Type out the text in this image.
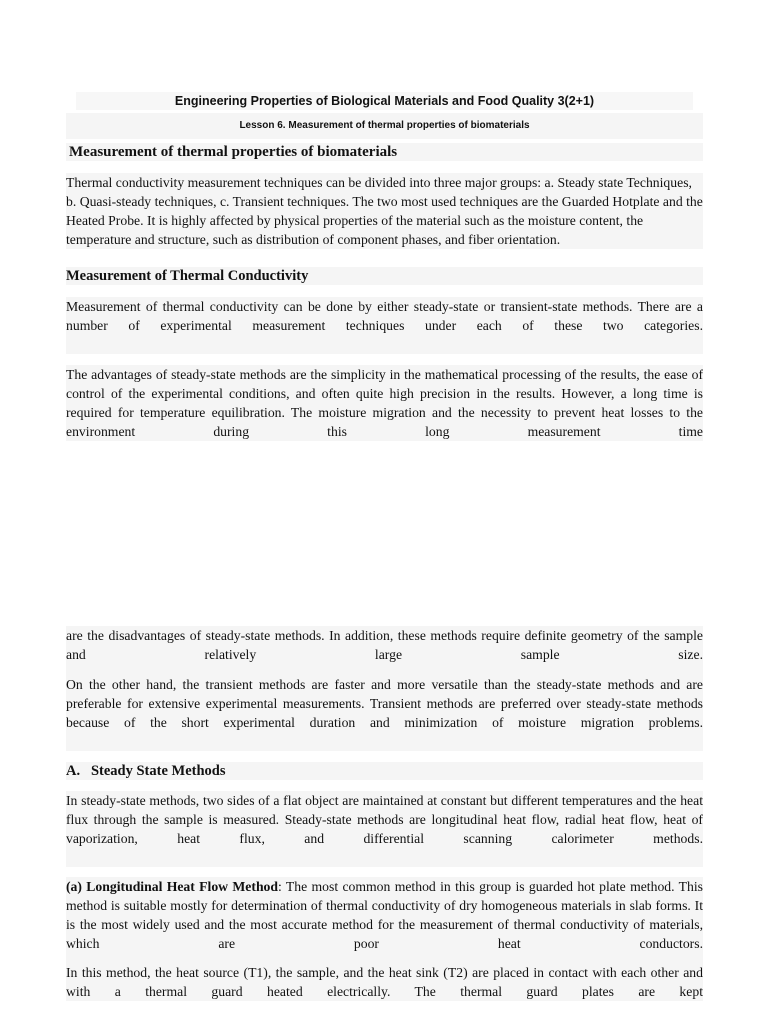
Engineering Properties of Biological Materials and Food Quality 3(2+1)
Lesson 6. Measurement of thermal properties of biomaterials
Measurement of thermal properties of biomaterials

Thermal conductivity measurement techniques can be divided into three major groups: a. Steady state Techniques, b. Quasi-steady techniques, c. Transient techniques. The two most used techniques are the Guarded Hotplate and the Heated Probe. It is highly affected by physical properties of the material such as the moisture content, the temperature and structure, such as distribution of component phases, and fiber orientation.

Measurement of Thermal Conductivity

Measurement of thermal conductivity can be done by either steady-state or transient-state methods. There are a number of experimental measurement techniques under each of these two categories.

The advantages of steady-state methods are the simplicity in the mathematical processing of the results, the ease of control of the experimental conditions, and often quite high precision in the results. However, a long time is required for temperature equilibration. The moisture migration and the necessity to prevent heat losses to the environment during this long measurement time

are the disadvantages of steady-state methods. In addition, these methods require definite geometry of the sample and relatively large sample size.

On the other hand, the transient methods are faster and more versatile than the steady-state methods and are preferable for extensive experimental measurements. Transient methods are preferred over steady-state methods because of the short experimental duration and minimization of moisture migration problems.

A.   Steady State Methods

In steady-state methods, two sides of a flat object are maintained at constant but different temperatures and the heat flux through the sample is measured. Steady-state methods are longitudinal heat flow, radial heat flow, heat of vaporization, heat flux, and differential scanning calorimeter methods.

(a) Longitudinal Heat Flow Method: The most common method in this group is guarded hot plate method. This method is suitable mostly for determination of thermal conductivity of dry homogeneous materials in slab forms. It is the most widely used and the most accurate method for the measurement of thermal conductivity of materials, which are poor heat conductors.

In this method, the heat source (T1), the sample, and the heat sink (T2) are placed in contact with each other and with a thermal guard heated electrically. The thermal guard plates are kept
